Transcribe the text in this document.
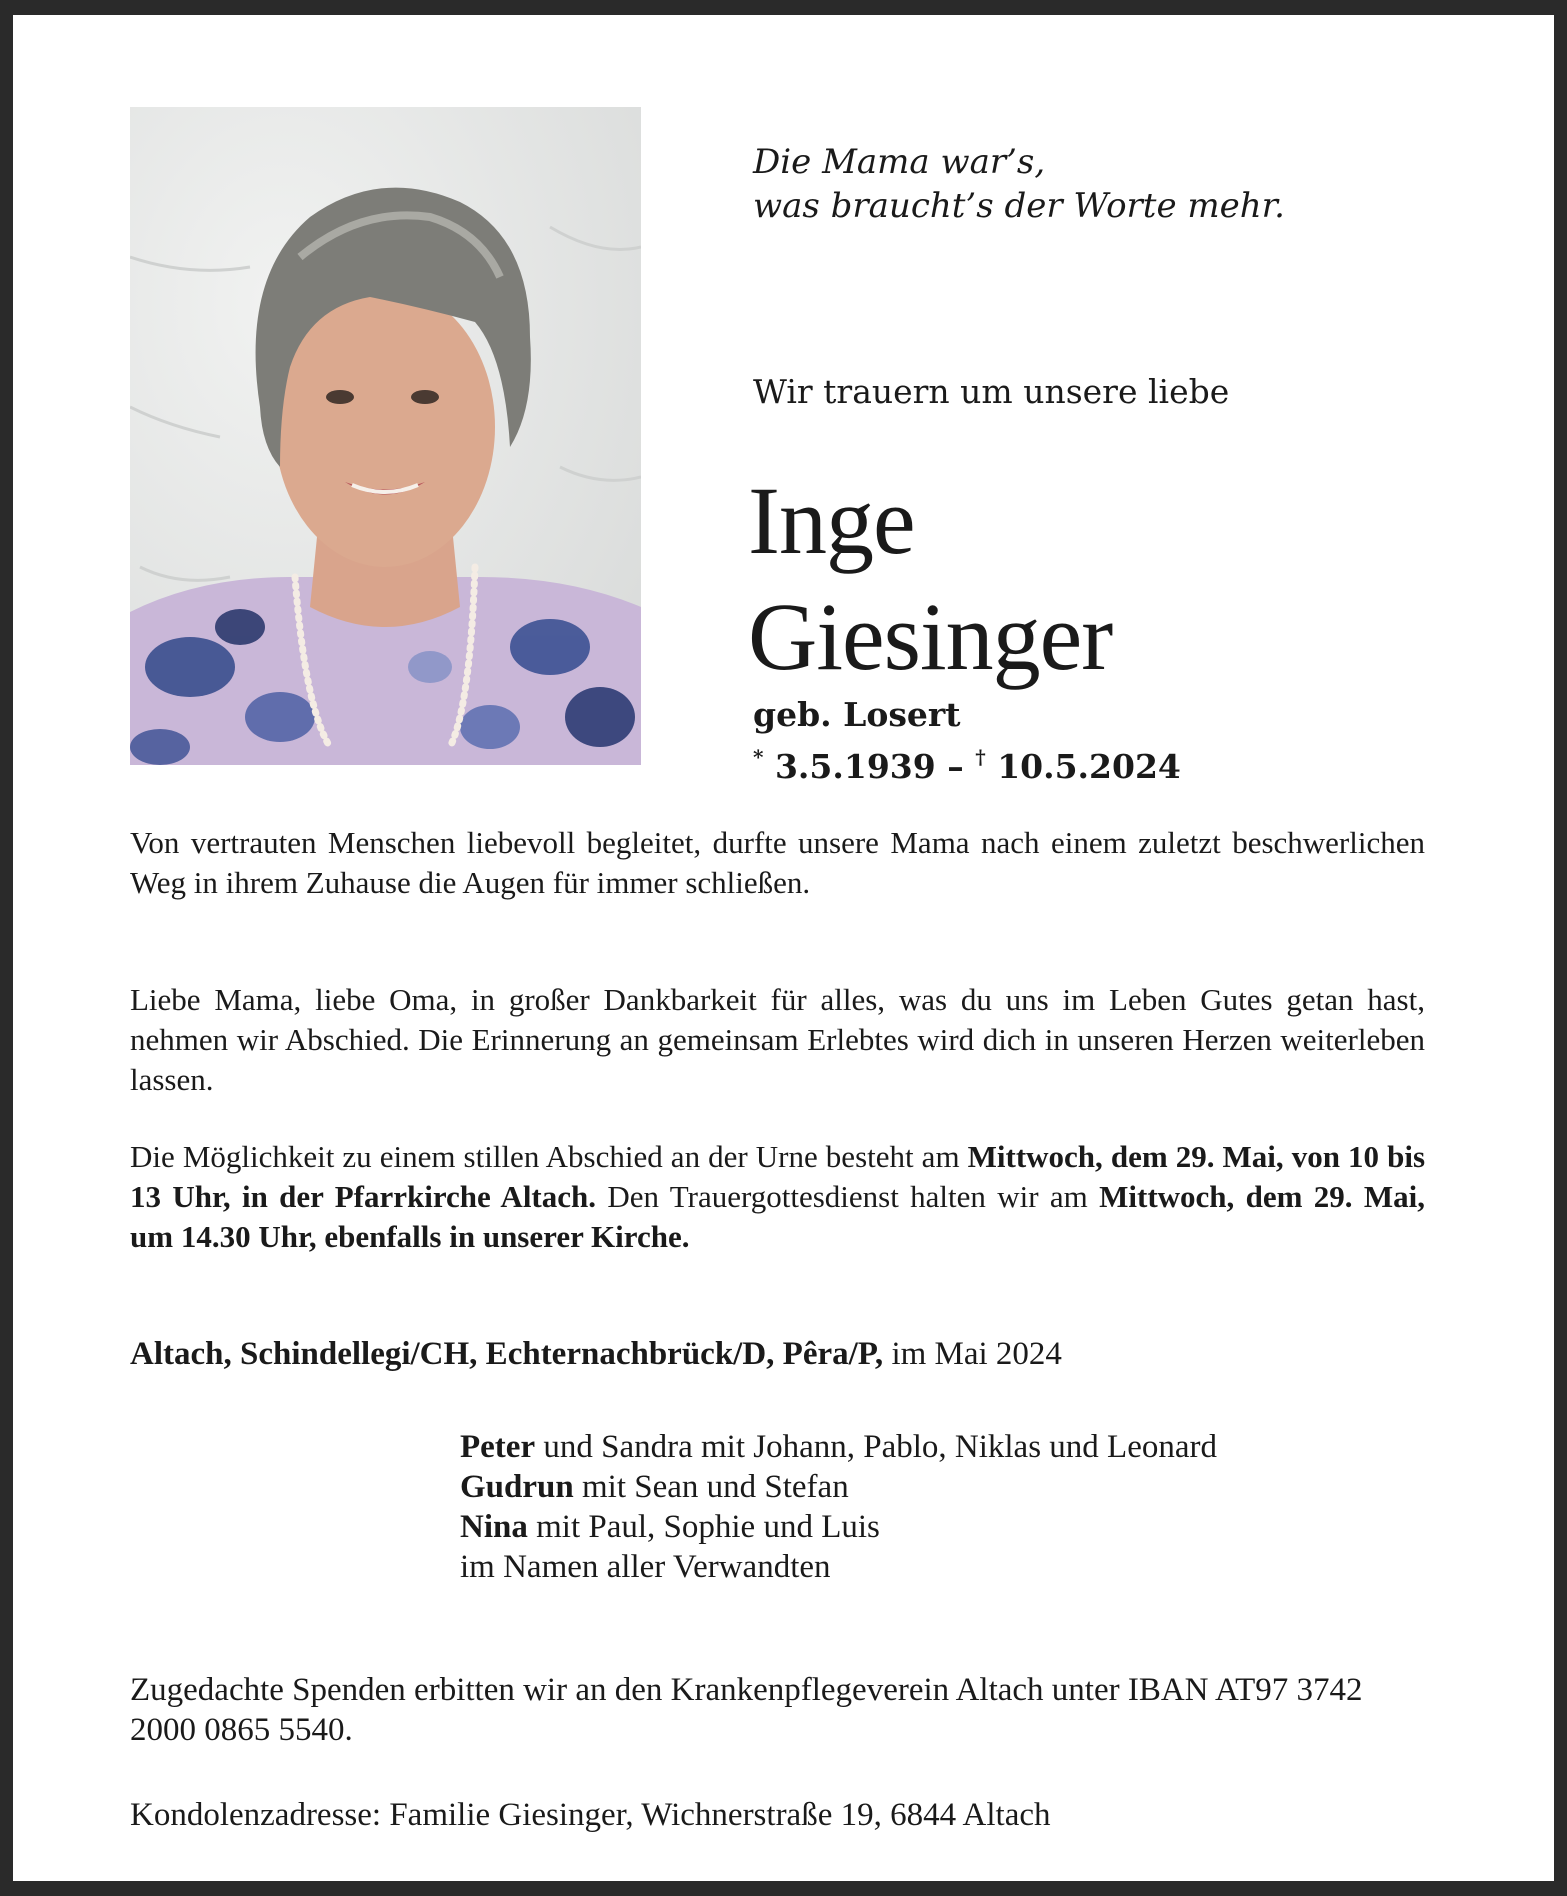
Die Mama war’s,
was braucht’s der Worte mehr.
Wir trauern um unsere liebe
Inge
Giesinger
geb. Losert
* 3.5.1939 – † 10.5.2024
Von vertrauten Menschen liebevoll begleitet, durfte unsere Mama nach einem zuletzt beschwerlichen Weg in ihrem Zuhause die Augen für immer schließen.
Liebe Mama, liebe Oma, in großer Dankbarkeit für alles, was du uns im Leben Gutes getan hast, nehmen wir Abschied. Die Erinnerung an gemeinsam Erlebtes wird dich in unseren Herzen weiterleben lassen.
Die Möglichkeit zu einem stillen Abschied an der Urne besteht am Mittwoch, dem 29. Mai, von 10 bis 13 Uhr, in der Pfarrkirche Altach. Den Trauergottesdienst halten wir am Mittwoch, dem 29. Mai, um 14.30 Uhr, ebenfalls in unserer Kirche.
Altach, Schindellegi/CH, Echternachbrück/D, Pêra/P, im Mai 2024
Peter und Sandra mit Johann, Pablo, Niklas und Leonard
Gudrun mit Sean und Stefan
Nina mit Paul, Sophie und Luis
im Namen aller Verwandten
Zugedachte Spenden erbitten wir an den Krankenpflegeverein Altach unter IBAN AT97 3742 2000 0865 5540.
Kondolenzadresse: Familie Giesinger, Wichnerstraße 19, 6844 Altach
